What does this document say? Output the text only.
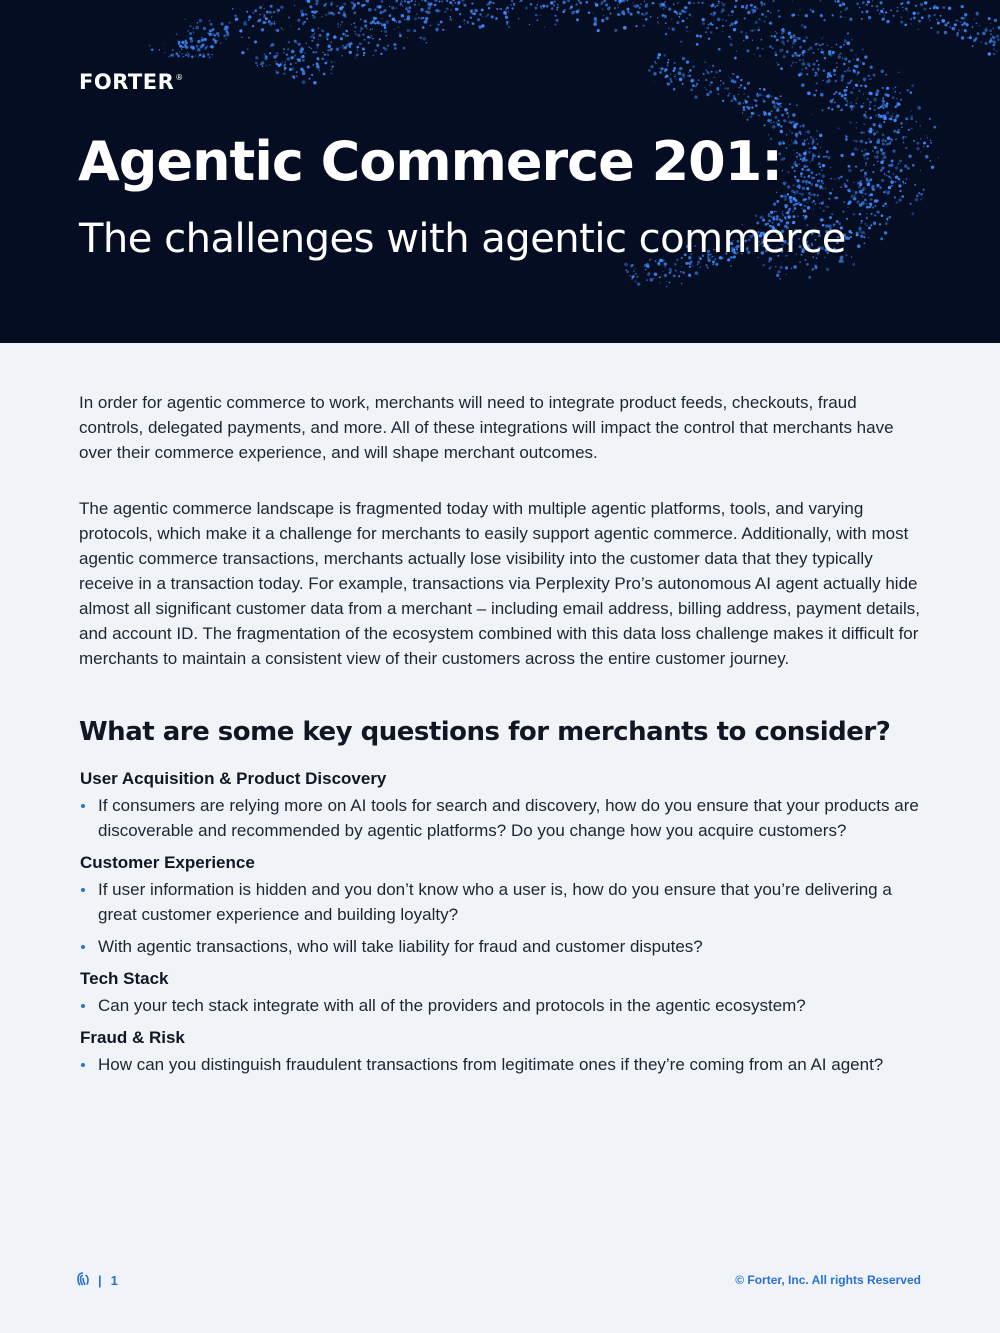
FORTER ®
Agentic Commerce 201:
The challenges with agentic commerce

In order for agentic commerce to work, merchants will need to integrate product feeds, checkouts, fraud controls, delegated payments, and more. All of these integrations will impact the control that merchants have over their commerce experience, and will shape merchant outcomes.

The agentic commerce landscape is fragmented today with multiple agentic platforms, tools, and varying protocols, which make it a challenge for merchants to easily support agentic commerce. Additionally, with most agentic commerce transactions, merchants actually lose visibility into the customer data that they typically receive in a transaction today. For example, transactions via Perplexity Pro’s autonomous AI agent actually hide almost all significant customer data from a merchant – including email address, billing address, payment details, and account ID. The fragmentation of the ecosystem combined with this data loss challenge makes it difficult for merchants to maintain a consistent view of their customers across the entire customer journey.

What are some key questions for merchants to consider?
User Acquisition & Product Discovery
If consumers are relying more on AI tools for search and discovery, how do you ensure that your products are discoverable and recommended by agentic platforms? Do you change how you acquire customers?
Customer Experience
If user information is hidden and you don’t know who a user is, how do you ensure that you’re delivering a great customer experience and building loyalty?
With agentic transactions, who will take liability for fraud and customer disputes?
Tech Stack
Can your tech stack integrate with all of the providers and protocols in the agentic ecosystem?
Fraud & Risk
How can you distinguish fraudulent transactions from legitimate ones if they’re coming from an AI agent?
| 1	© Forter, Inc. All rights Reserved
